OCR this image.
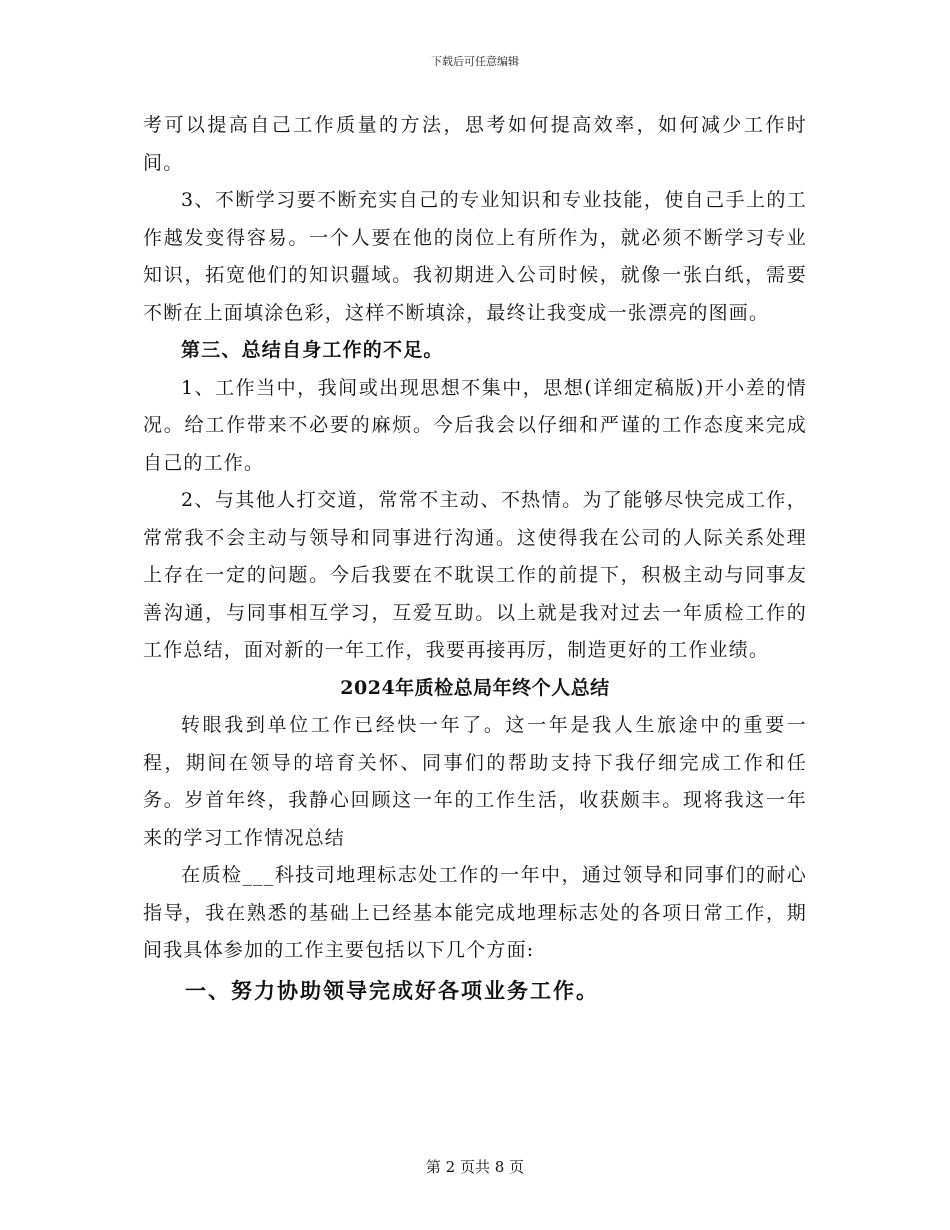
下载后可任意编辑

考可以提高自己工作质量的方法，思考如何提高效率，如何减少工作时间。

3、不断学习要不断充实自己的专业知识和专业技能，使自己手上的工作越发变得容易。一个人要在他的岗位上有所作为，就必须不断学习专业知识，拓宽他们的知识疆域。我初期进入公司时候，就像一张白纸，需要不断在上面填涂色彩，这样不断填涂，最终让我变成一张漂亮的图画。

第三、总结自身工作的不足。

1、工作当中，我间或出现思想不集中，思想(详细定稿版)开小差的情况。给工作带来不必要的麻烦。今后我会以仔细和严谨的工作态度来完成自己的工作。

2、与其他人打交道，常常不主动、不热情。为了能够尽快完成工作，常常我不会主动与领导和同事进行沟通。这使得我在公司的人际关系处理上存在一定的问题。今后我要在不耽误工作的前提下，积极主动与同事友善沟通，与同事相互学习，互爱互助。以上就是我对过去一年质检工作的工作总结，面对新的一年工作，我要再接再厉，制造更好的工作业绩。

2024年质检总局年终个人总结

转眼我到单位工作已经快一年了。这一年是我人生旅途中的重要一程，期间在领导的培育关怀、同事们的帮助支持下我仔细完成工作和任务。岁首年终，我静心回顾这一年的工作生活，收获颇丰。现将我这一年来的学习工作情况总结

在质检___科技司地理标志处工作的一年中，通过领导和同事们的耐心指导，我在熟悉的基础上已经基本能完成地理标志处的各项日常工作，期间我具体参加的工作主要包括以下几个方面:

一、努力协助领导完成好各项业务工作。

第 2 页共 8 页
